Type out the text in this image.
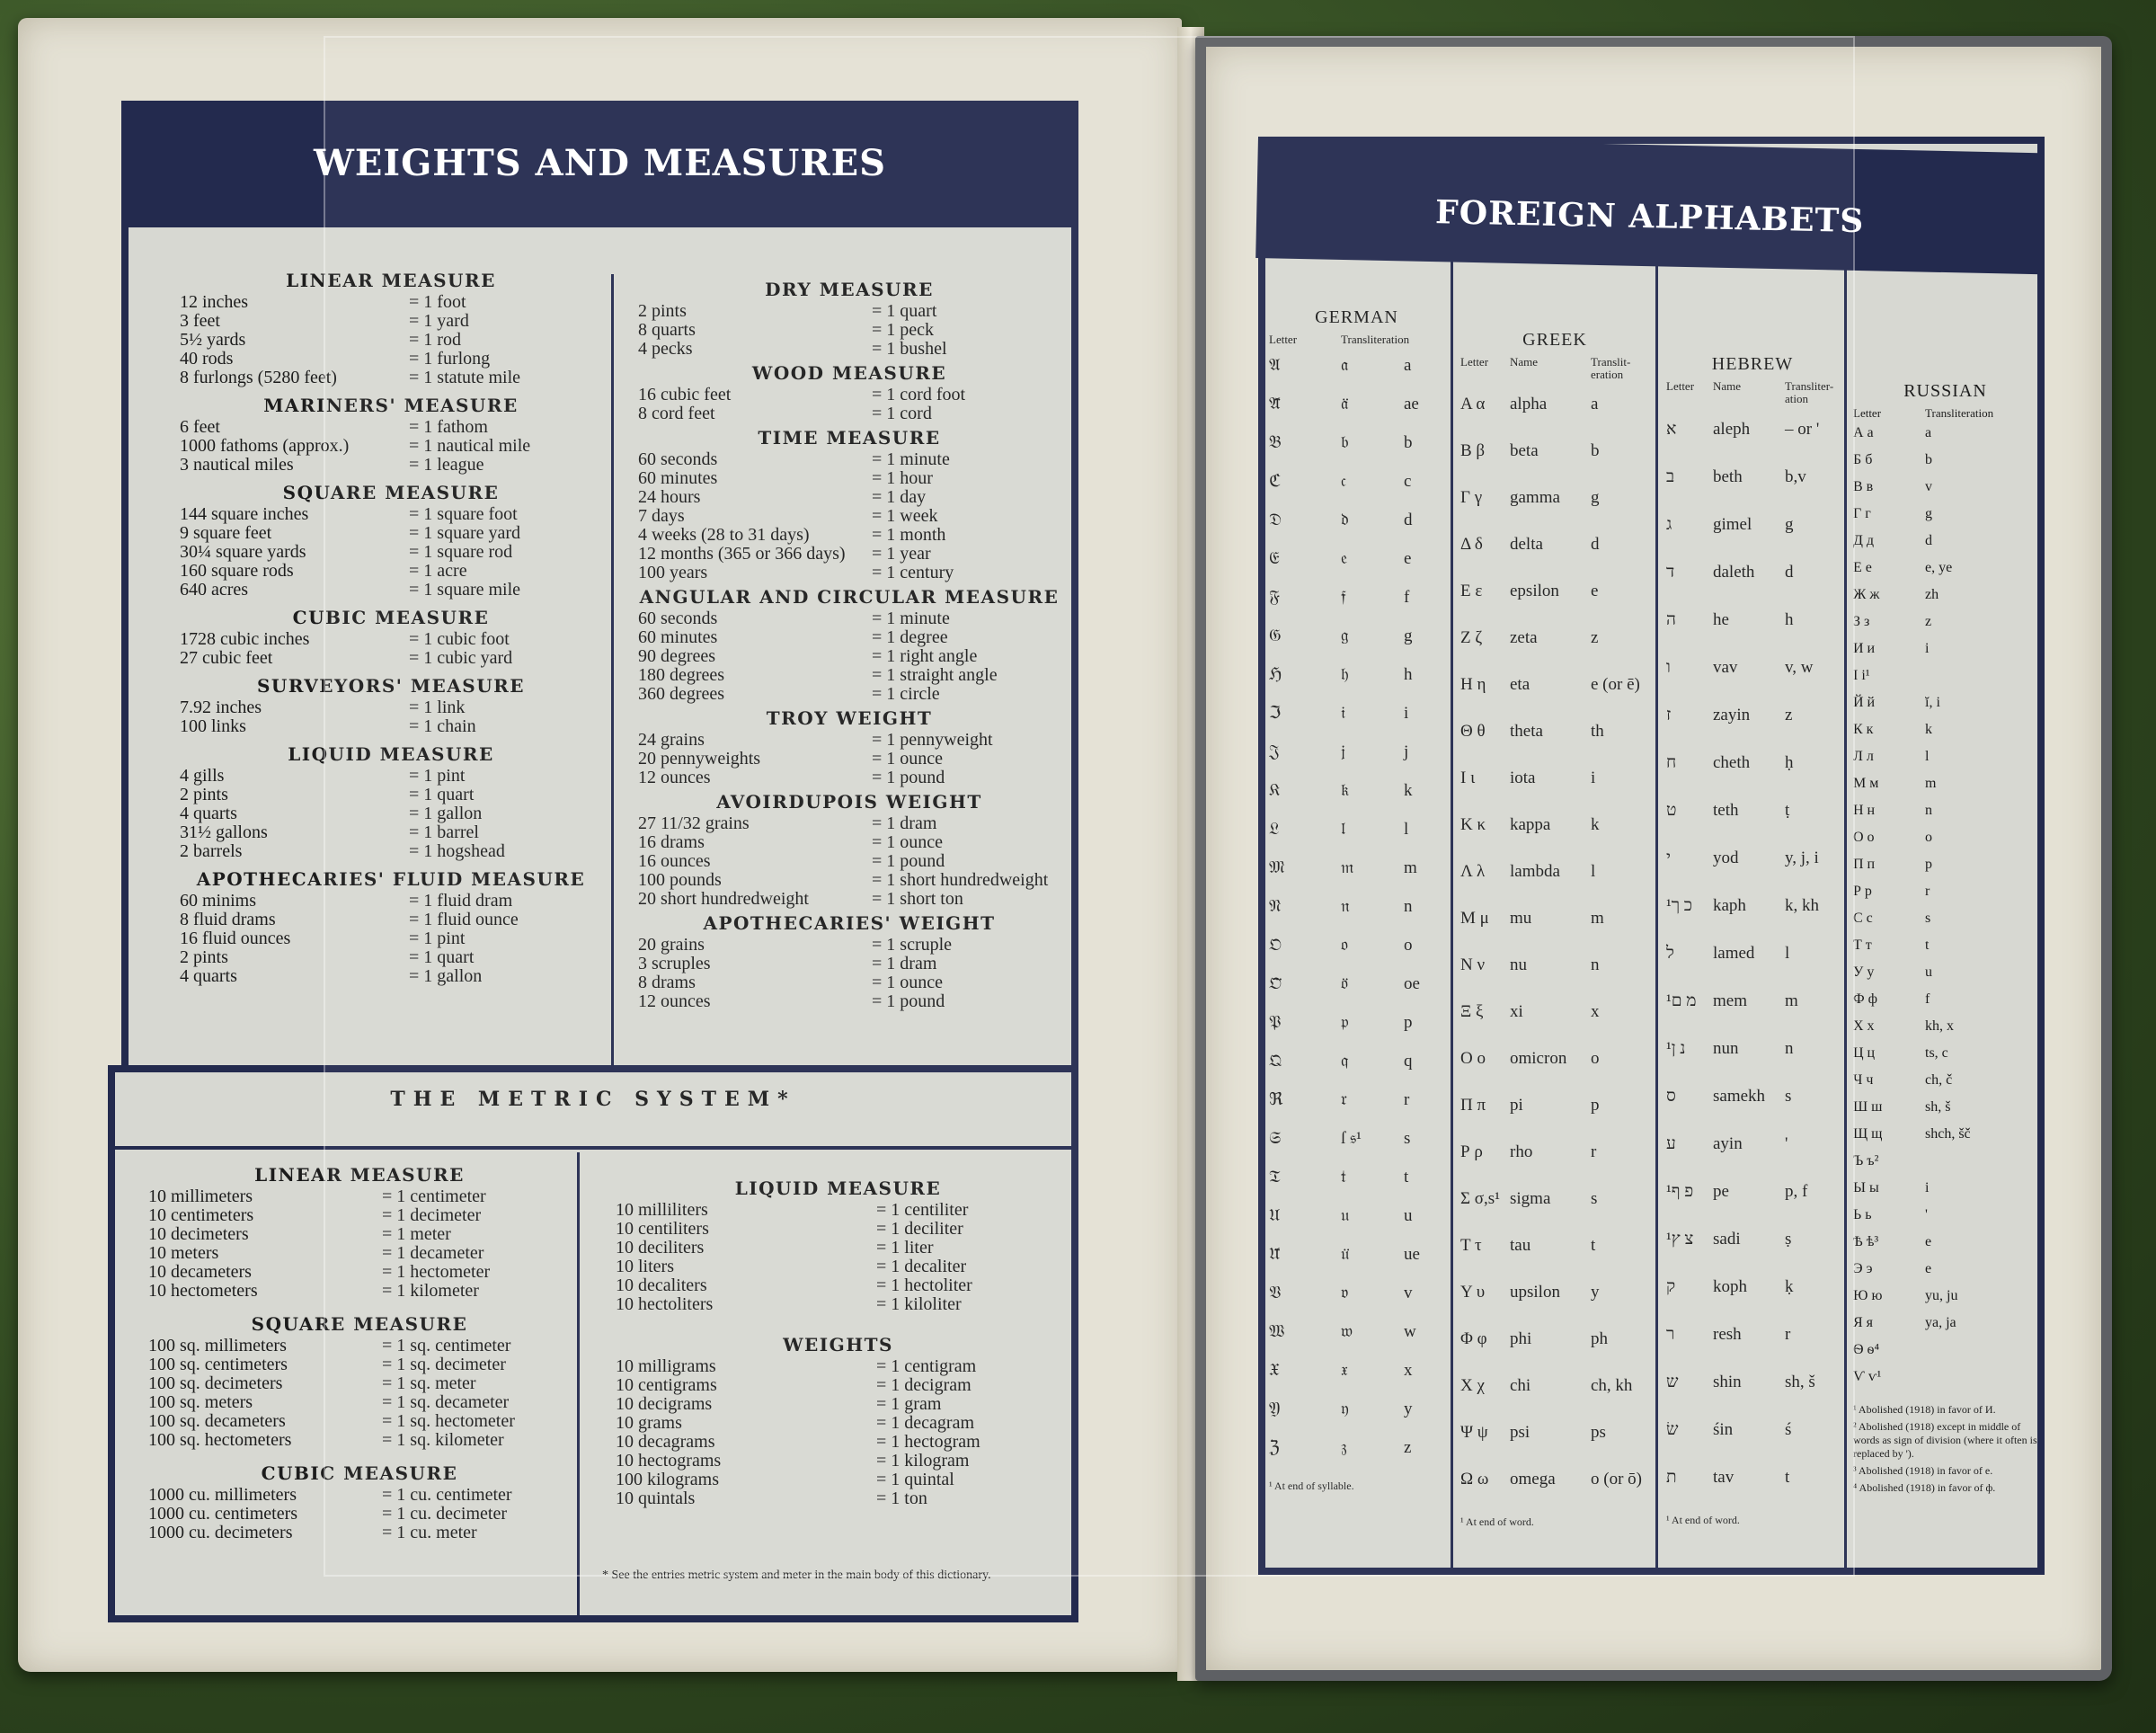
WEIGHTS AND MEASURES
LINEAR MEASURE
12 inches	= 1 foot
3 feet	= 1 yard
5½ yards	= 1 rod
40 rods	= 1 furlong
8 furlongs (5280 feet)	= 1 statute mile
MARINERS' MEASURE
6 feet	= 1 fathom
1000 fathoms (approx.)	= 1 nautical mile
3 nautical miles	= 1 league
SQUARE MEASURE
144 square inches	= 1 square foot
9 square feet	= 1 square yard
30¼ square yards	= 1 square rod
160 square rods	= 1 acre
640 acres	= 1 square mile
CUBIC MEASURE
1728 cubic inches	= 1 cubic foot
27 cubic feet	= 1 cubic yard
SURVEYORS' MEASURE
7.92 inches	= 1 link
100 links	= 1 chain
LIQUID MEASURE
4 gills	= 1 pint
2 pints	= 1 quart
4 quarts	= 1 gallon
31½ gallons	= 1 barrel
2 barrels	= 1 hogshead
APOTHECARIES' FLUID MEASURE
60 minims	= 1 fluid dram
8 fluid drams	= 1 fluid ounce
16 fluid ounces	= 1 pint
2 pints	= 1 quart
4 quarts	= 1 gallon
DRY MEASURE
2 pints	= 1 quart
8 quarts	= 1 peck
4 pecks	= 1 bushel
WOOD MEASURE
16 cubic feet	= 1 cord foot
8 cord feet	= 1 cord
TIME MEASURE
60 seconds	= 1 minute
60 minutes	= 1 hour
24 hours	= 1 day
7 days	= 1 week
4 weeks (28 to 31 days)	= 1 month
12 months (365 or 366 days)	= 1 year
100 years	= 1 century
ANGULAR AND CIRCULAR MEASURE
60 seconds	= 1 minute
60 minutes	= 1 degree
90 degrees	= 1 right angle
180 degrees	= 1 straight angle
360 degrees	= 1 circle
TROY WEIGHT
24 grains	= 1 pennyweight
20 pennyweights	= 1 ounce
12 ounces	= 1 pound
AVOIRDUPOIS WEIGHT
27 11/32 grains	= 1 dram
16 drams	= 1 ounce
16 ounces	= 1 pound
100 pounds	= 1 short hundredweight
20 short hundredweight	= 1 short ton
APOTHECARIES' WEIGHT
20 grains	= 1 scruple
3 scruples	= 1 dram
8 drams	= 1 ounce
12 ounces	= 1 pound
THE METRIC SYSTEM*
LINEAR MEASURE
10 millimeters	= 1 centimeter
10 centimeters	= 1 decimeter
10 decimeters	= 1 meter
10 meters	= 1 decameter
10 decameters	= 1 hectometer
10 hectometers	= 1 kilometer
SQUARE MEASURE
100 sq. millimeters	= 1 sq. centimeter
100 sq. centimeters	= 1 sq. decimeter
100 sq. decimeters	= 1 sq. meter
100 sq. meters	= 1 sq. decameter
100 sq. decameters	= 1 sq. hectometer
100 sq. hectometers	= 1 sq. kilometer
CUBIC MEASURE
1000 cu. millimeters	= 1 cu. centimeter
1000 cu. centimeters	= 1 cu. decimeter
1000 cu. decimeters	= 1 cu. meter
LIQUID MEASURE
10 milliliters	= 1 centiliter
10 centiliters	= 1 deciliter
10 deciliters	= 1 liter
10 liters	= 1 decaliter
10 decaliters	= 1 hectoliter
10 hectoliters	= 1 kiloliter
WEIGHTS
10 milligrams	= 1 centigram
10 centigrams	= 1 decigram
10 decigrams	= 1 gram
10 grams	= 1 decagram
10 decagrams	= 1 hectogram
10 hectograms	= 1 kilogram
100 kilograms	= 1 quintal
10 quintals	= 1 ton
* See the entries metric system and meter in the main body of this dictionary.
FOREIGN ALPHABETS
GERMAN
Letter	Transliteration
𝔄	𝔞	a
𝔄̈	𝔞̈	ae
𝔅	𝔟	b
ℭ	𝔠	c
𝔇	𝔡	d
𝔈	𝔢	e
𝔉	𝔣	f
𝔊	𝔤	g
ℌ	𝔥	h
ℑ	𝔦	i
𝔍	𝔧	j
𝔎	𝔨	k
𝔏	𝔩	l
𝔐	𝔪	m
𝔑	𝔫	n
𝔒	𝔬	o
𝔒̈	𝔬̈	oe
𝔓	𝔭	p
𝔔	𝔮	q
ℜ	𝔯	r
𝔖	ſ 𝔰¹	s
𝔗	𝔱	t
𝔘	𝔲	u
𝔘̈	𝔲̈	ue
𝔙	𝔳	v
𝔚	𝔴	w
𝔛	𝔵	x
𝔜	𝔶	y
ℨ	𝔷	z
¹ At end of syllable.
GREEK
Letter	Name	Translit-eration
Α α	alpha	a
Β β	beta	b
Γ γ	gamma	g
Δ δ	delta	d
Ε ε	epsilon	e
Ζ ζ	zeta	z
Η η	eta	e (or ē)
Θ θ	theta	th
Ι ι	iota	i
Κ κ	kappa	k
Λ λ	lambda	l
Μ μ	mu	m
Ν ν	nu	n
Ξ ξ	xi	x
Ο ο	omicron	o
Π π	pi	p
Ρ ρ	rho	r
Σ σ,s¹ sigma	s
Τ τ	tau	t
Υ υ	upsilon	y
Φ φ	phi	ph
Χ χ	chi	ch, kh
Ψ ψ	psi	ps
Ω ω	omega	o (or ō)
¹ At end of word.
HEBREW
Letter	Name	Transliter-ation
א	aleph	– or '
ב	beth	b,v
ג	gimel	g
ד	daleth	d
ה	he	h
ו	vav	v, w
ז	zayin	z
ח	cheth	ḥ
ט	teth	ṭ
י	yod	y, j, i
כ ך¹	kaph	k, kh
ל	lamed	l
מ ם¹ mem	m
נ ן¹	nun	n
ס	samekh	s
ע	ayin	'
פ ף¹	pe	p, f
צ ץ¹	sadi	ṣ
ק	koph	ḳ
ר	resh	r
ש	shin	sh, š
שׂ	śin	ś
ת	tav	t
¹ At end of word.
RUSSIAN
Letter	Transliteration
А а	a
Б б	b
В в	v
Г г	g
Д д	d
Е е	e, ye
Ж ж	zh
З з	z
И и	i
І і¹
Й й	ĭ, i
К к	k
Л л	l
М м	m
Н н	n
О о	o
П п	p
Р р	r
С с	s
Т т	t
У у	u
Ф ф	f
Х х	kh, x
Ц ц	ts, c
Ч ч	ch, č
Ш ш	sh, š
Щ щ	shch, šč
Ъ ъ²
Ы ы	i
Ь ь	'
Ѣ ѣ³	e
Э э	e
Ю ю	yu, ju
Я я	ya, ja
Ѳ ѳ⁴
Ѵ ѵ¹
¹ Abolished (1918) in favor of И.
² Abolished (1918) except in middle of words as sign of division (where it often is replaced by ').
³ Abolished (1918) in favor of e.
⁴ Abolished (1918) in favor of ф.
